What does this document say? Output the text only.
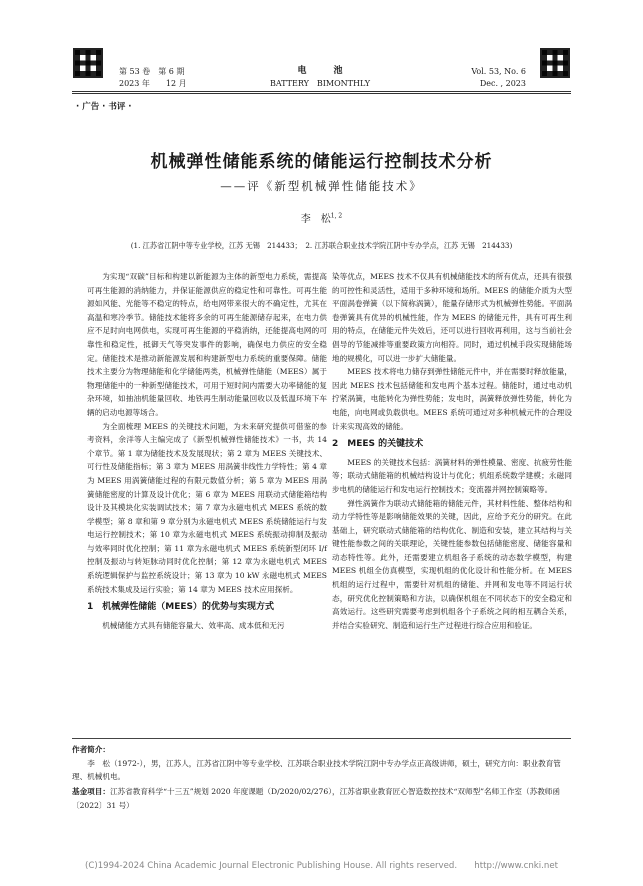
第 53 卷　第 6 期
2023 年　　12 月
电　　　池
BATTERY　BIMONTHLY
Vol. 53, No. 6
Dec. , 2023
· 广告 · 书评 ·
机械弹性储能系统的储能运行控制技术分析
——评《新型机械弹性储能技术》
李　松$^{1, 2}$
(1. 江苏省江阴中等专业学校，江苏 无锡　214433；　2. 江苏联合职业技术学院江阴中专办学点，江苏 无锡　214433)

为实现“双碳”目标和构建以新能源为主体的新型电力系统，需提高可再生能源的消纳能力，并保证能源供应的稳定性和可靠性。可再生能源如风能、光能等不稳定的特点，给电网带来很大的不确定性，尤其在高温和寒冷季节。储能技术能将多余的可再生能源储存起来，在电力供应不足时向电网供电，实现可再生能源的平稳消纳，还能提高电网的可靠性和稳定性，抵御天气等突发事件的影响，确保电力供应的安全稳定。储能技术是推动新能源发展和构建新型电力系统的重要保障。储能技术主要分为物理储能和化学储能两类，机械弹性储能（MEES）属于物理储能中的一种新型储能技术，可用于短时间内需要大功率储能的复杂环境，如抽油机能量回收、地铁再生制动能量回收以及低温环境下车辆的启动电源等场合。

为全面梳理 MEES 的关键技术问题，为未来研究提供可借鉴的参考资料，余洋等人主编完成了《新型机械弹性储能技术》一书，共 14 个章节。第 1 章为储能技术及发展现状；第 2 章为 MEES 关键技术、可行性及储能指标；第 3 章为 MEES 用涡簧非线性力学特性；第 4 章为 MEES 用涡簧储能过程的有限元数值分析；第 5 章为 MEES 用涡簧储能密度的计算及设计优化；第 6 章为 MEES 用联动式储能箱结构设计及其模块化实装调试技术；第 7 章为永磁电机式 MEES 系统的数学模型；第 8 章和第 9 章分别为永磁电机式 MEES 系统储能运行与发电运行控制技术；第 10 章为永磁电机式 MEES 系统振动抑制及振动与效率同时优化控制；第 11 章为永磁电机式 MEES 系统新型闭环 I/f 控制及振动与转矩脉动同时优化控制；第 12 章为永磁电机式 MEES 系统逻辑保护与监控系统设计；第 13 章为 10 kW 永磁电机式 MEES 系统技术集成及运行实验；第 14 章为 MEES 技术应用探析。

1　机械弹性储能（MEES）的优势与实现方式

机械储能方式具有储能容量大、效率高、成本低和无污

染等优点，MEES 技术不仅具有机械储能技术的所有优点，还具有很强的可控性和灵活性，适用于多种环境和场所。MEES 的储能介质为大型平面涡卷弹簧（以下简称涡簧），能量存储形式为机械弹性势能。平面涡卷弹簧具有优异的机械性能，作为 MEES 的储能元件，具有可再生利用的特点，在储能元件失效后，还可以进行回收再利用，这与当前社会倡导的节能减排等重要政策方向相符。同时，通过机械手段实现储能场地的规模化，可以进一步扩大储能量。

MEES 技术将电力储存到弹性储能元件中，并在需要时释放能量，因此 MEES 技术包括储能和发电两个基本过程。储能时，通过电动机拧紧涡簧，电能转化为弹性势能；发电时，涡簧释放弹性势能，转化为电能，向电网或负载供电。MEES 系统可通过对多种机械元件的合理设计来实现高效的储能。

2　MEES 的关键技术

MEES 的关键技术包括：涡簧材料的弹性模量、密度、抗疲劳性能等；联动式储能箱的机械结构设计与优化；机组系统数学建模；永磁同步电机的储能运行和发电运行控制技术；变流器并网控制策略等。

弹性涡簧作为联动式储能箱的储能元件，其材料性能、整体结构和动力学特性等是影响储能效果的关键，因此，应给予充分的研究。在此基础上，研究联动式储能箱的结构优化、制造和安装，建立其结构与关键性能参数之间的关联理论，关键性能参数包括储能密度、储能容量和动态特性等。此外，还需要建立机组各子系统的动态数学模型，构建 MEES 机组全仿真模型，实现机组的优化设计和性能分析。在 MEES 机组的运行过程中，需要针对机组的储能、并网和发电等不同运行状态，研究优化控制策略和方法，以确保机组在不同状态下的安全稳定和高效运行。这些研究需要考虑到机组各个子系统之间的相互耦合关系，并结合实验研究、制造和运行生产过程进行综合应用和验证。

作者简介：
李　松（1972-），男，江苏人，江苏省江阴中等专业学校、江苏联合职业技术学院江阴中专办学点正高级讲师，硕士，研究方向：职业教育管理、机械机电。
基金项目：江苏省教育科学“十三五”规划 2020 年度课题（D/2020/02/276），江苏省职业教育匠心智造数控技术“双师型”名师工作室（苏教师函〔2022〕31 号）
(C)1994-2024 China Academic Journal Electronic Publishing House. All rights reserved.　　http://www.cnki.net
